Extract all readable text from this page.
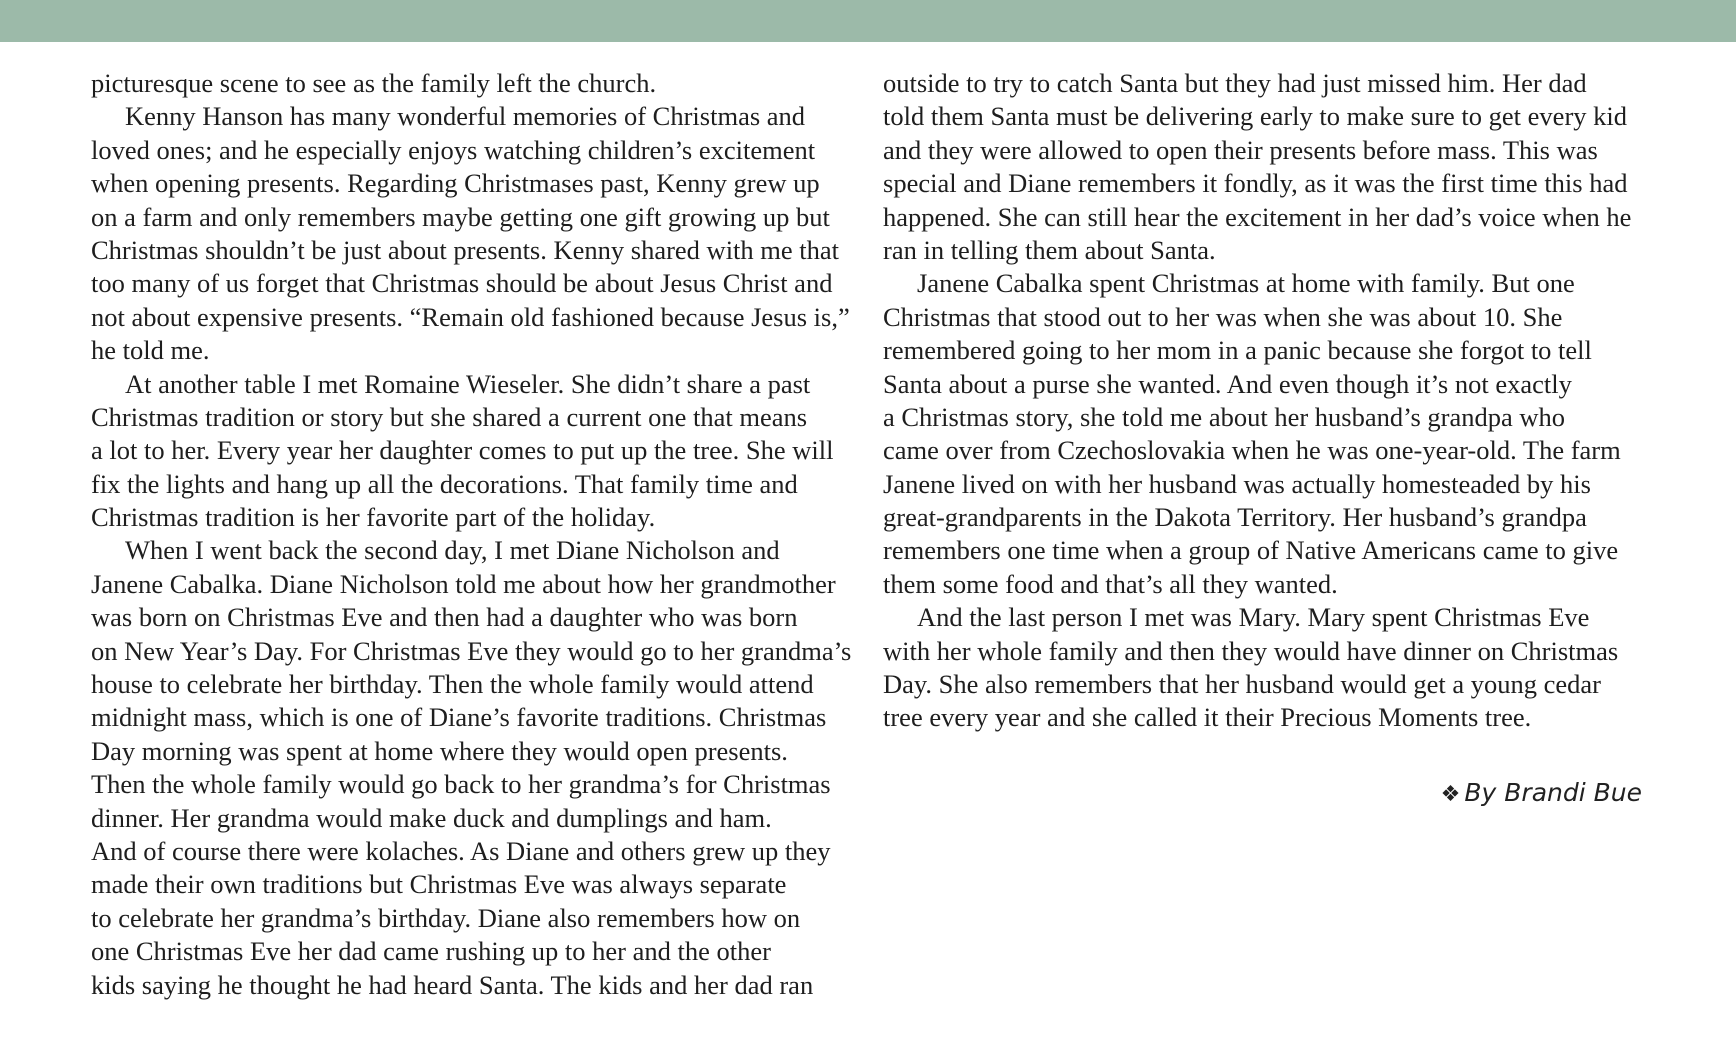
picturesque scene to see as the family left the church.
Kenny Hanson has many wonderful memories of Christmas and
loved ones; and he especially enjoys watching children’s excitement
when opening presents. Regarding Christmases past, Kenny grew up
on a farm and only remembers maybe getting one gift growing up but
Christmas shouldn’t be just about presents. Kenny shared with me that
too many of us forget that Christmas should be about Jesus Christ and
not about expensive presents. “Remain old fashioned because Jesus is,”
he told me.
At another table I met Romaine Wieseler. She didn’t share a past
Christmas tradition or story but she shared a current one that means
a lot to her. Every year her daughter comes to put up the tree. She will
fix the lights and hang up all the decorations. That family time and
Christmas tradition is her favorite part of the holiday.
When I went back the second day, I met Diane Nicholson and
Janene Cabalka. Diane Nicholson told me about how her grandmother
was born on Christmas Eve and then had a daughter who was born
on New Year’s Day. For Christmas Eve they would go to her grandma’s
house to celebrate her birthday. Then the whole family would attend
midnight mass, which is one of Diane’s favorite traditions. Christmas
Day morning was spent at home where they would open presents.
Then the whole family would go back to her grandma’s for Christmas
dinner. Her grandma would make duck and dumplings and ham.
And of course there were kolaches. As Diane and others grew up they
made their own traditions but Christmas Eve was always separate
to celebrate her grandma’s birthday. Diane also remembers how on
one Christmas Eve her dad came rushing up to her and the other
kids saying he thought he had heard Santa. The kids and her dad ran
outside to try to catch Santa but they had just missed him. Her dad
told them Santa must be delivering early to make sure to get every kid
and they were allowed to open their presents before mass. This was
special and Diane remembers it fondly, as it was the first time this had
happened. She can still hear the excitement in her dad’s voice when he
ran in telling them about Santa.
Janene Cabalka spent Christmas at home with family. But one
Christmas that stood out to her was when she was about 10. She
remembered going to her mom in a panic because she forgot to tell
Santa about a purse she wanted. And even though it’s not exactly
a Christmas story, she told me about her husband’s grandpa who
came over from Czechoslovakia when he was one-year-old. The farm
Janene lived on with her husband was actually homesteaded by his
great-grandparents in the Dakota Territory. Her husband’s grandpa
remembers one time when a group of Native Americans came to give
them some food and that’s all they wanted.
And the last person I met was Mary. Mary spent Christmas Eve
with her whole family and then they would have dinner on Christmas
Day. She also remembers that her husband would get a young cedar
tree every year and she called it their Precious Moments tree.
❖ By Brandi Bue
